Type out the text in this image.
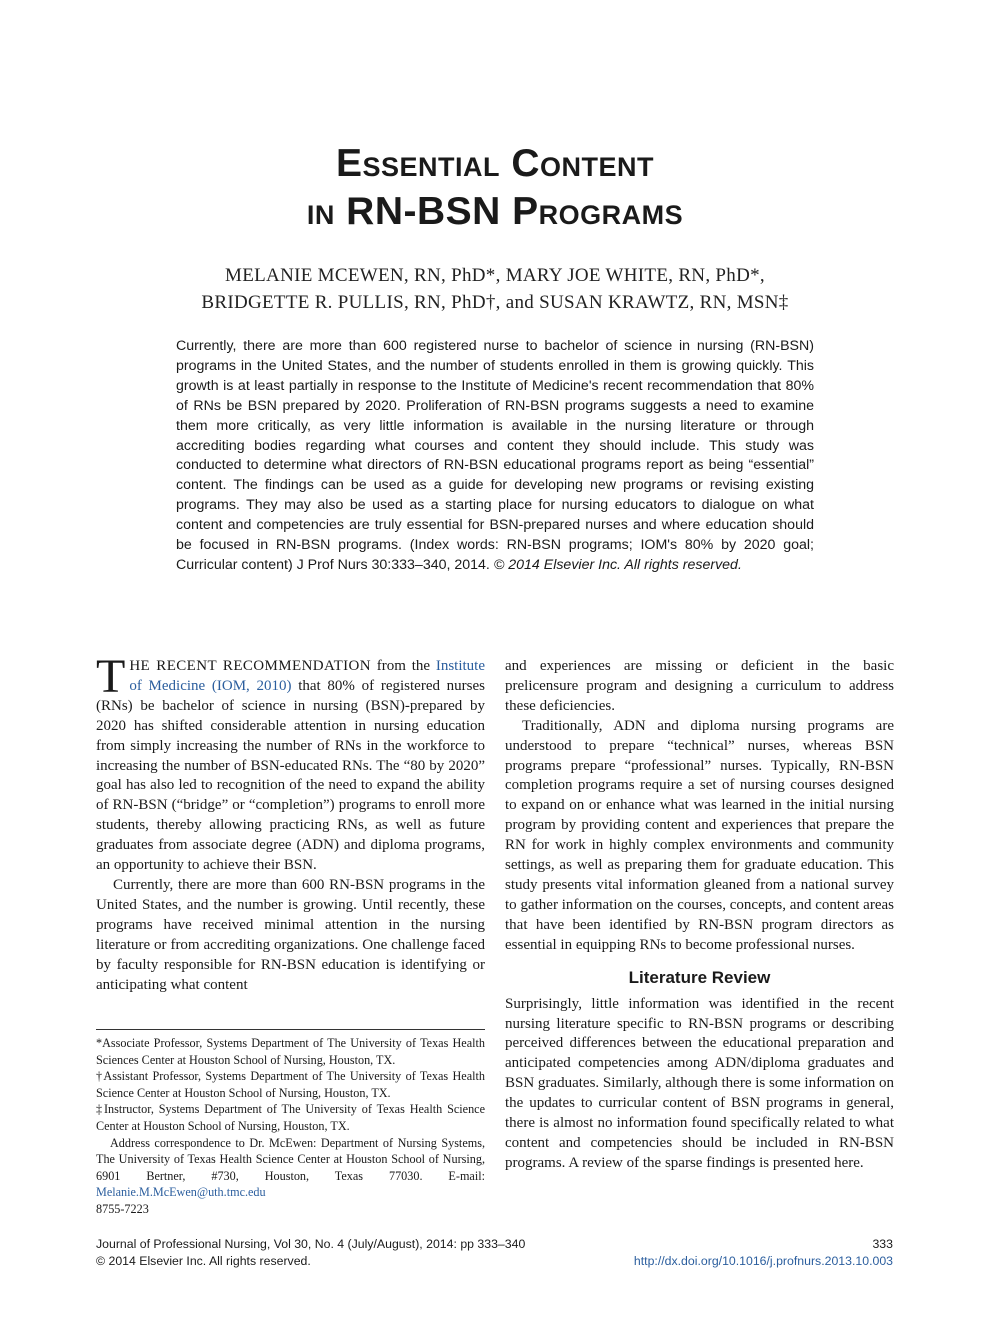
Essential Content
in RN-BSN Programs
MELANIE MCEWEN, RN, PhD*, MARY JOE WHITE, RN, PhD*,
BRIDGETTE R. PULLIS, RN, PhD†, and SUSAN KRAWTZ, RN, MSN‡
Currently, there are more than 600 registered nurse to bachelor of science in nursing (RN-BSN) programs in the United States, and the number of students enrolled in them is growing quickly. This growth is at least partially in response to the Institute of Medicine's recent recommendation that 80% of RNs be BSN prepared by 2020. Proliferation of RN-BSN programs suggests a need to examine them more critically, as very little information is available in the nursing literature or through accrediting bodies regarding what courses and content they should include. This study was conducted to determine what directors of RN-BSN educational programs report as being “essential” content. The findings can be used as a guide for developing new programs or revising existing programs. They may also be used as a starting place for nursing educators to dialogue on what content and competencies are truly essential for BSN-prepared nurses and where education should be focused in RN-BSN programs. (Index words: RN-BSN programs; IOM's 80% by 2020 goal; Curricular content) J Prof Nurs 30:333–340, 2014. © 2014 Elsevier Inc. All rights reserved.

THE RECENT RECOMMENDATION from the Institute of Medicine (IOM, 2010) that 80% of registered nurses (RNs) be bachelor of science in nursing (BSN)-prepared by 2020 has shifted considerable attention in nursing education from simply increasing the number of RNs in the workforce to increasing the number of BSN-educated RNs. The “80 by 2020” goal has also led to recognition of the need to expand the ability of RN-BSN (“bridge” or “completion”) programs to enroll more students, thereby allowing practicing RNs, as well as future graduates from associate degree (ADN) and diploma programs, an opportunity to achieve their BSN.

Currently, there are more than 600 RN-BSN programs in the United States, and the number is growing. Until recently, these programs have received minimal attention in the nursing literature or from accrediting organizations. One challenge faced by faculty responsible for RN-BSN education is identifying or anticipating what content

and experiences are missing or deficient in the basic prelicensure program and designing a curriculum to address these deficiencies.

Traditionally, ADN and diploma nursing programs are understood to prepare “technical” nurses, whereas BSN programs prepare “professional” nurses. Typically, RN-BSN completion programs require a set of nursing courses designed to expand on or enhance what was learned in the initial nursing program by providing content and experiences that prepare the RN for work in highly complex environments and community settings, as well as preparing them for graduate education. This study presents vital information gleaned from a national survey to gather information on the courses, concepts, and content areas that have been identified by RN-BSN program directors as essential in equipping RNs to become professional nurses.

Literature Review

Surprisingly, little information was identified in the recent nursing literature specific to RN-BSN programs or describing perceived differences between the educational preparation and anticipated competencies among ADN/diploma graduates and BSN graduates. Similarly, although there is some information on the updates to curricular content of BSN programs in general, there is almost no information found specifically related to what content and competencies should be included in RN-BSN programs. A review of the sparse findings is presented here.

*Associate Professor, Systems Department of The University of Texas Health Sciences Center at Houston School of Nursing, Houston, TX.

†Assistant Professor, Systems Department of The University of Texas Health Science Center at Houston School of Nursing, Houston, TX.

‡Instructor, Systems Department of The University of Texas Health Science Center at Houston School of Nursing, Houston, TX.

Address correspondence to Dr. McEwen: Department of Nursing Systems, The University of Texas Health Science Center at Houston School of Nursing, 6901 Bertner, #730, Houston, Texas 77030. E-mail: Melanie.M.McEwen@uth.tmc.edu

8755-7223

Journal of Professional Nursing, Vol 30, No. 4 (July/August), 2014: pp 333–340
© 2014 Elsevier Inc. All rights reserved.
333
http://dx.doi.org/10.1016/j.profnurs.2013.10.003
